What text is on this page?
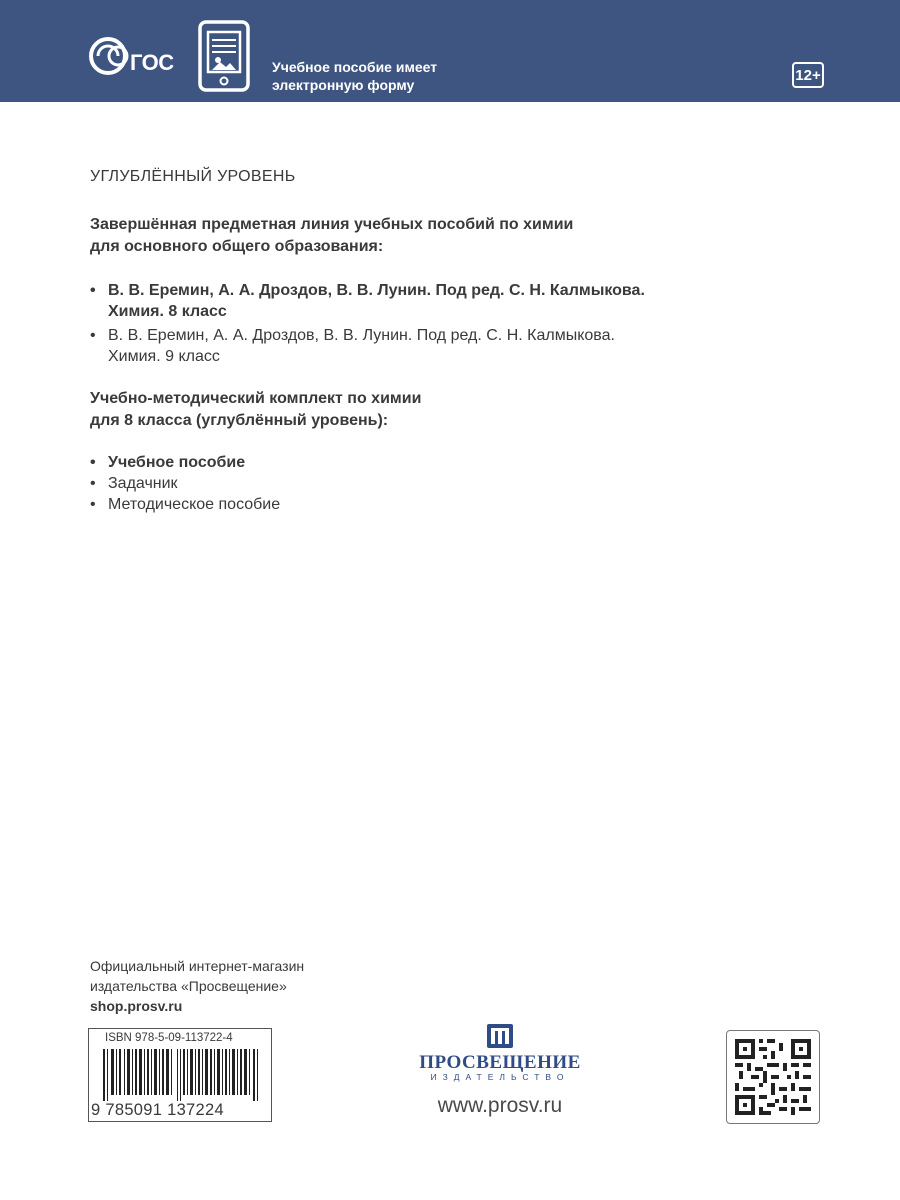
ГОС	Учебное пособие имеет
электронную форму
12+
УГЛУБЛЁННЫЙ УРОВЕНЬ
Завершённая предметная линия учебных пособий по химии
для основного общего образования:
• В. В. Еремин, А. А. Дроздов, В. В. Лунин. Под ред. С. Н. Калмыкова.
Химия. 8 класс
• В. В. Еремин, А. А. Дроздов, В. В. Лунин. Под ред. С. Н. Калмыкова.
Химия. 9 класс
Учебно-методический комплект по химии
для 8 класса (углублённый уровень):
• Учебное пособие
• Задачник
• Методическое пособие
Официальный интернет-магазин
издательства «Просвещение»
shop.prosv.ru
ISBN 978-5-09-113722-4
9 785091 137224
ПРОСВЕЩЕНИЕ
ИЗДАТЕЛЬСТВО
www.prosv.ru
